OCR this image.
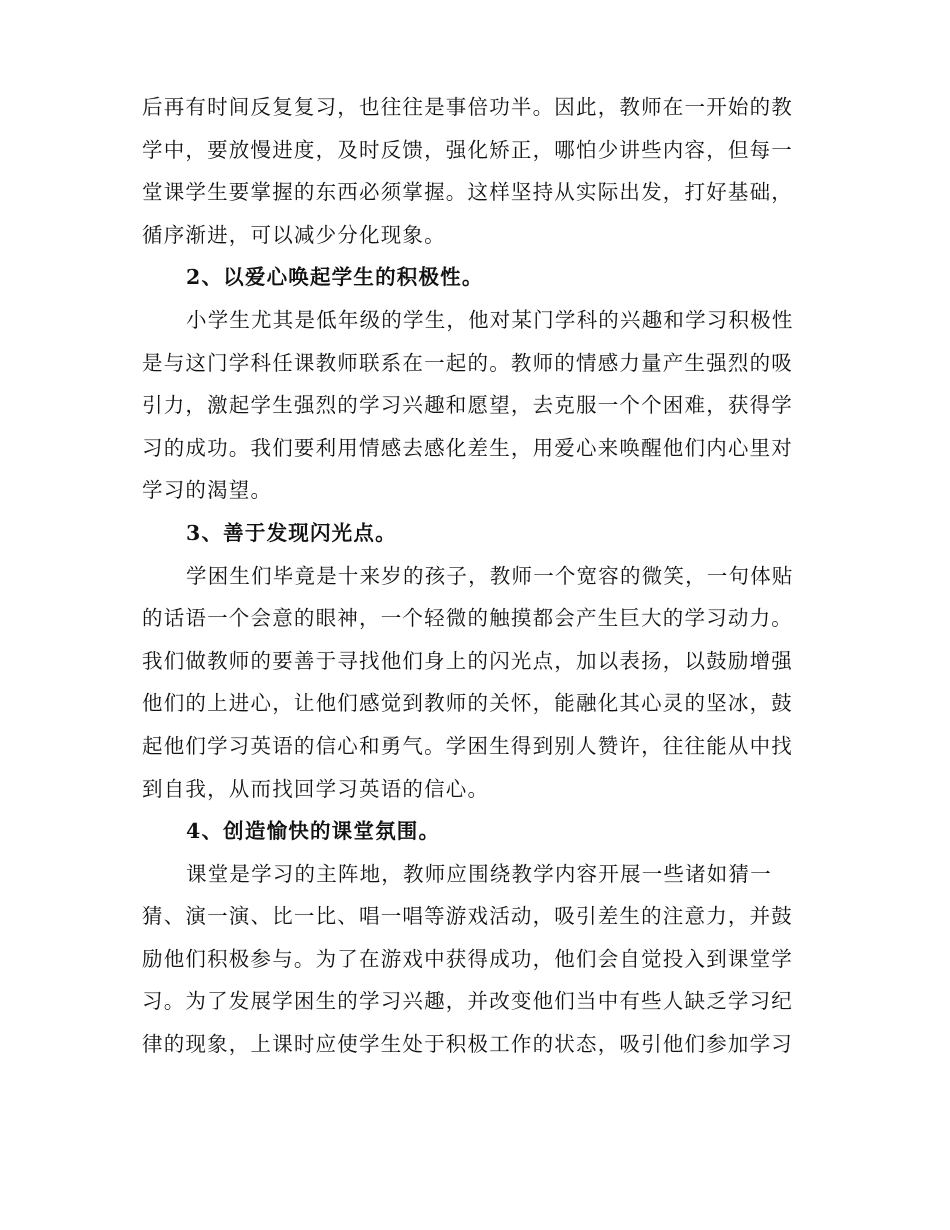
后再有时间反复复习，也往往是事倍功半。因此，教师在一开始的教
学中，要放慢进度，及时反馈，强化矫正，哪怕少讲些内容，但每一
堂课学生要掌握的东西必须掌握。这样坚持从实际出发，打好基础，
循序渐进，可以减少分化现象。
2、以爱心唤起学生的积极性。
小学生尤其是低年级的学生，他对某门学科的兴趣和学习积极性
是与这门学科任课教师联系在一起的。教师的情感力量产生强烈的吸
引力，激起学生强烈的学习兴趣和愿望，去克服一个个困难，获得学
习的成功。我们要利用情感去感化差生，用爱心来唤醒他们内心里对
学习的渴望。
3、善于发现闪光点。
学困生们毕竟是十来岁的孩子，教师一个宽容的微笑，一句体贴
的话语一个会意的眼神，一个轻微的触摸都会产生巨大的学习动力。
我们做教师的要善于寻找他们身上的闪光点，加以表扬，以鼓励增强
他们的上进心，让他们感觉到教师的关怀，能融化其心灵的坚冰，鼓
起他们学习英语的信心和勇气。学困生得到别人赞许，往往能从中找
到自我，从而找回学习英语的信心。
4、创造愉快的课堂氛围。
课堂是学习的主阵地，教师应围绕教学内容开展一些诸如猜一
猜、演一演、比一比、唱一唱等游戏活动，吸引差生的注意力，并鼓
励他们积极参与。为了在游戏中获得成功，他们会自觉投入到课堂学
习。为了发展学困生的学习兴趣，并改变他们当中有些人缺乏学习纪
律的现象，上课时应使学生处于积极工作的状态，吸引他们参加学习
